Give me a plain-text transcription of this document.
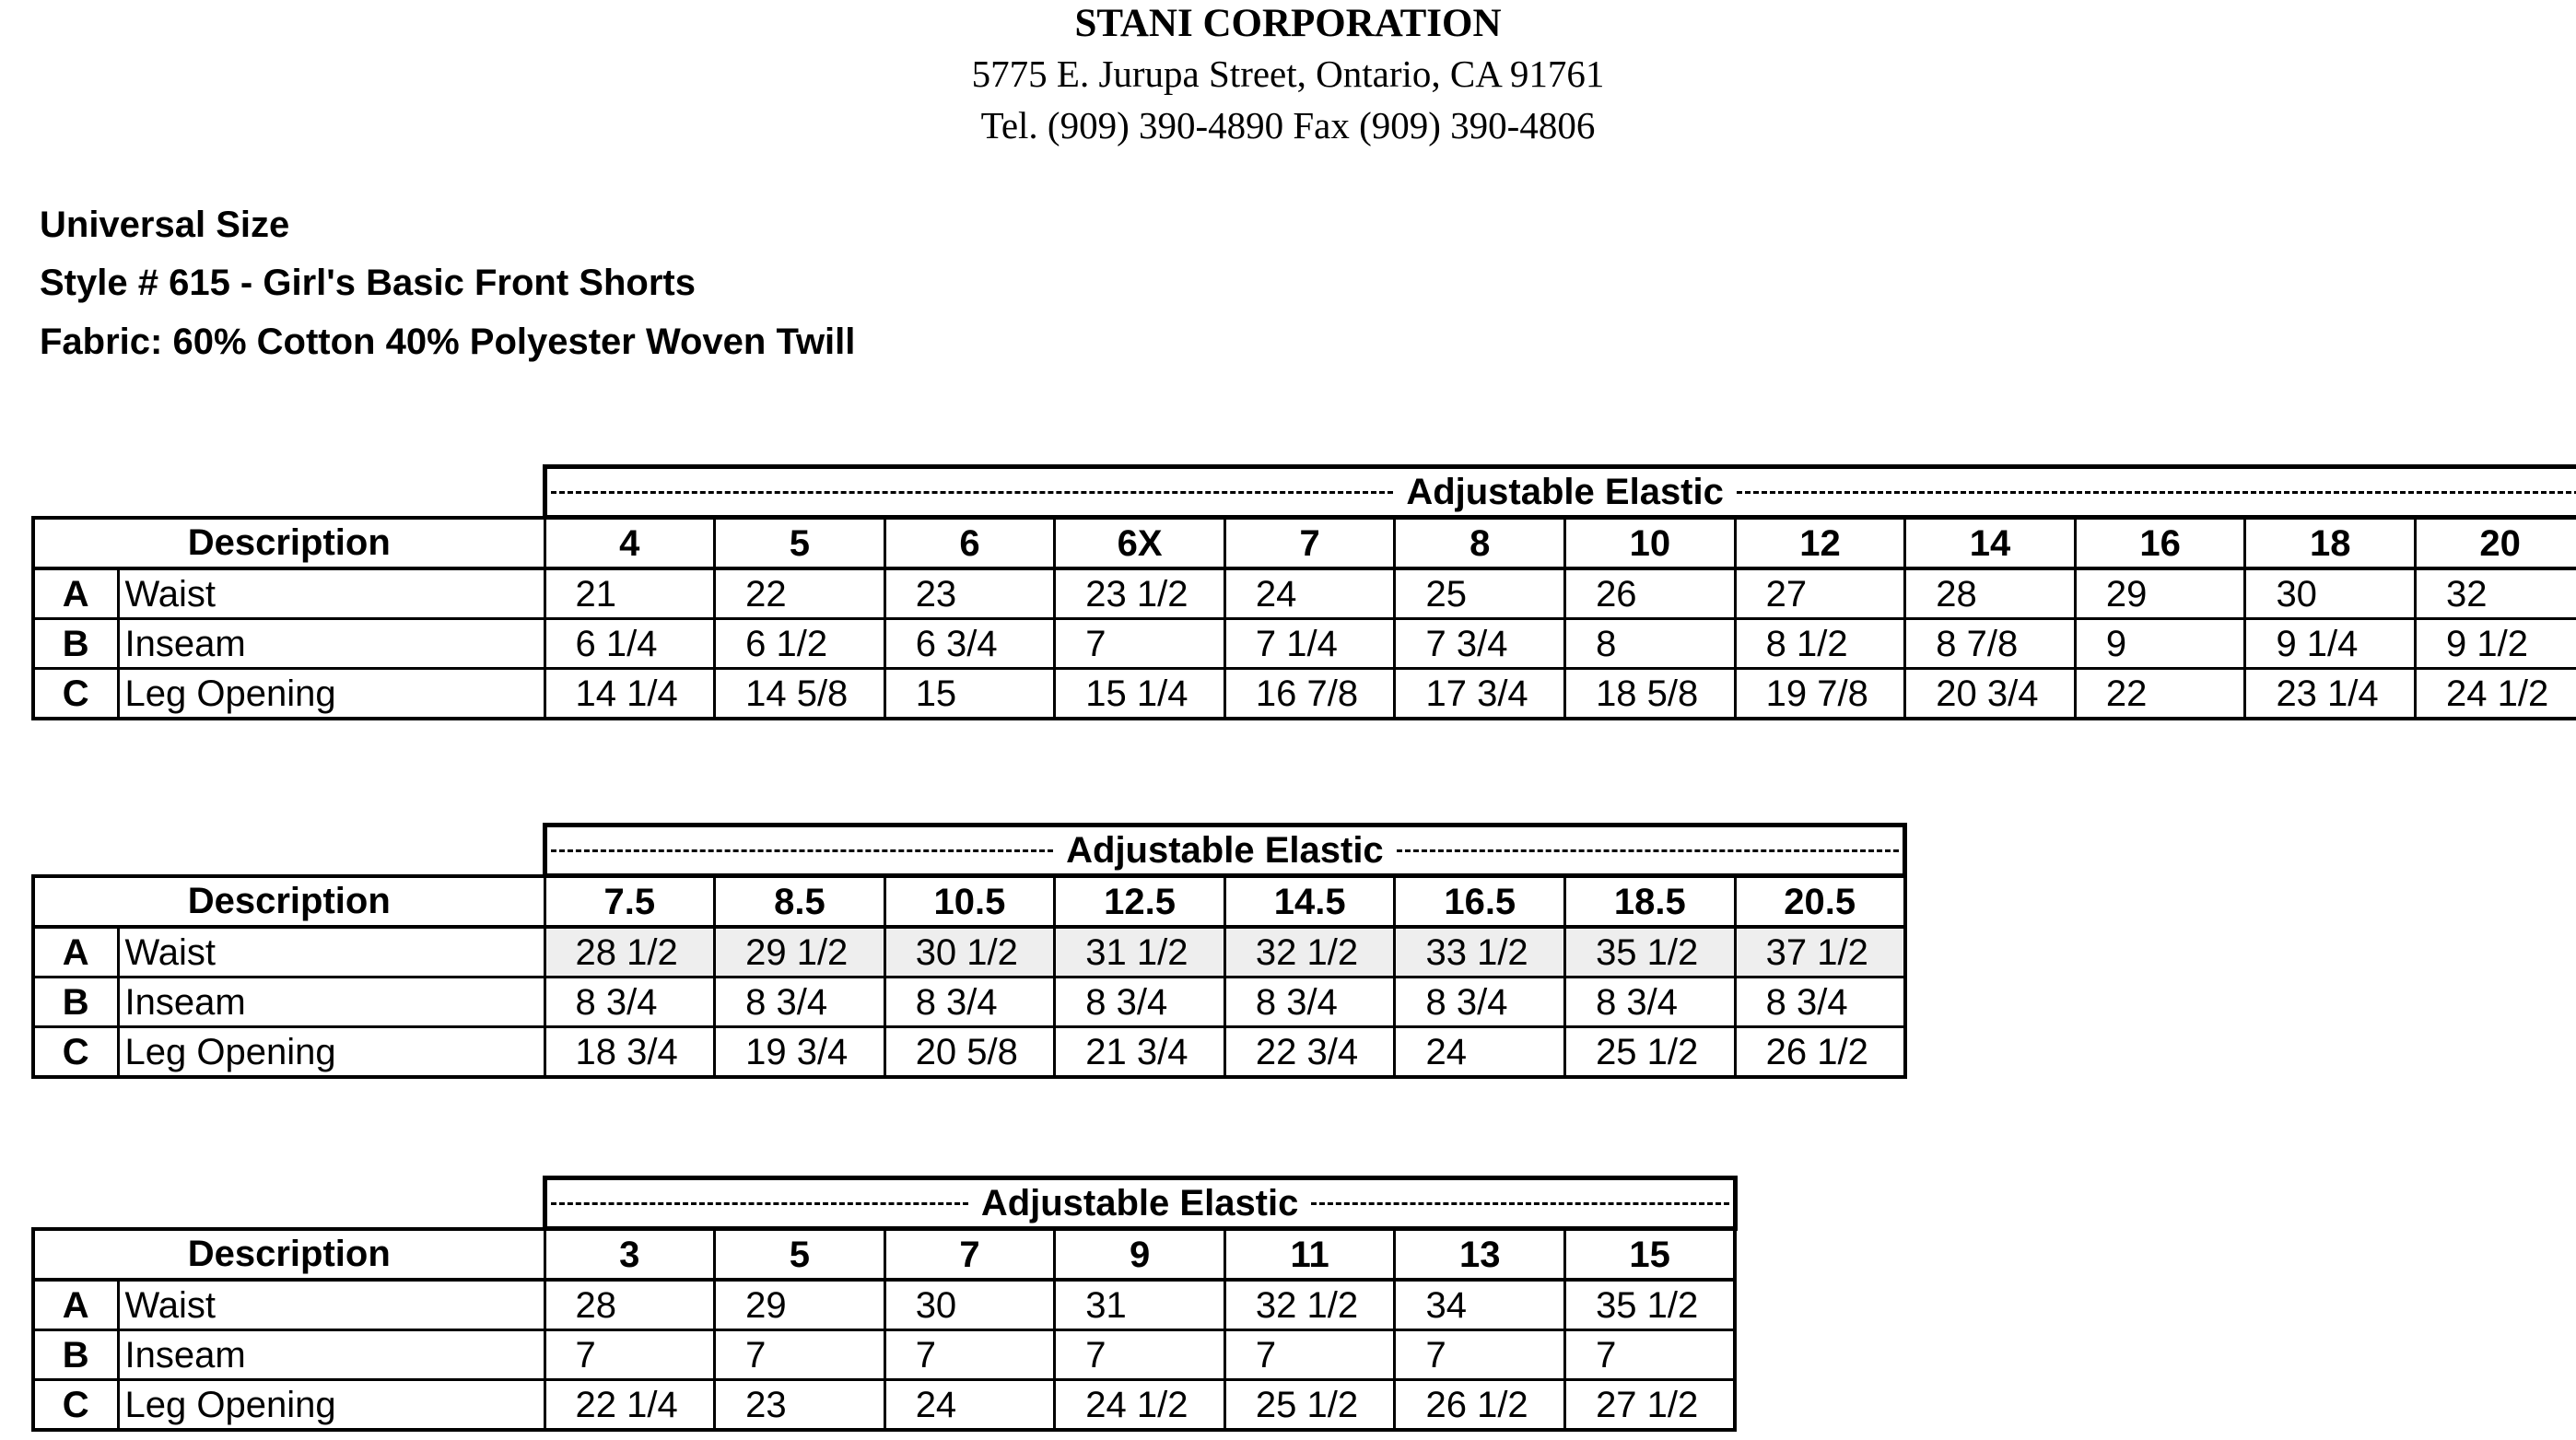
STANI CORPORATION
5775 E. Jurupa Street, Ontario, CA 91761
Tel. (909) 390-4890 Fax (909) 390-4806
Universal Size
Style # 615 - Girl's Basic Front Shorts
Fabric: 60% Cotton 40% Polyester Woven Twill

		Adjustable Elastic											

Description		4	5	6	6X	7	8	10	12	14	16	18	20
A	Waist	21	22	23	23 1/2	24	25	26	27	28	29	30	32
B	Inseam	6 1/4	6 1/2	6 3/4	7	7 1/4	7 3/4	8	8 1/2	8 7/8	9	9 1/4	9 1/2
C	Leg Opening	14 1/4	14 5/8	15	15 1/4	16 7/8	17 3/4	18 5/8	19 7/8	20 3/4	22	23 1/4	24 1/2

		Adjustable Elastic							

Description		7.5	8.5	10.5	12.5	14.5	16.5	18.5	20.5
A	Waist	28 1/2	29 1/2	30 1/2	31 1/2	32 1/2	33 1/2	35 1/2	37 1/2
B	Inseam	8 3/4	8 3/4	8 3/4	8 3/4	8 3/4	8 3/4	8 3/4	8 3/4
C	Leg Opening	18 3/4	19 3/4	20 5/8	21 3/4	22 3/4	24	25 1/2	26 1/2

		Adjustable Elastic						

Description		3	5	7	9	11	13	15
A	Waist	28	29	30	31	32 1/2	34	35 1/2
B	Inseam	7	7	7	7	7	7	7
C	Leg Opening	22 1/4	23	24	24 1/2	25 1/2	26 1/2	27 1/2
